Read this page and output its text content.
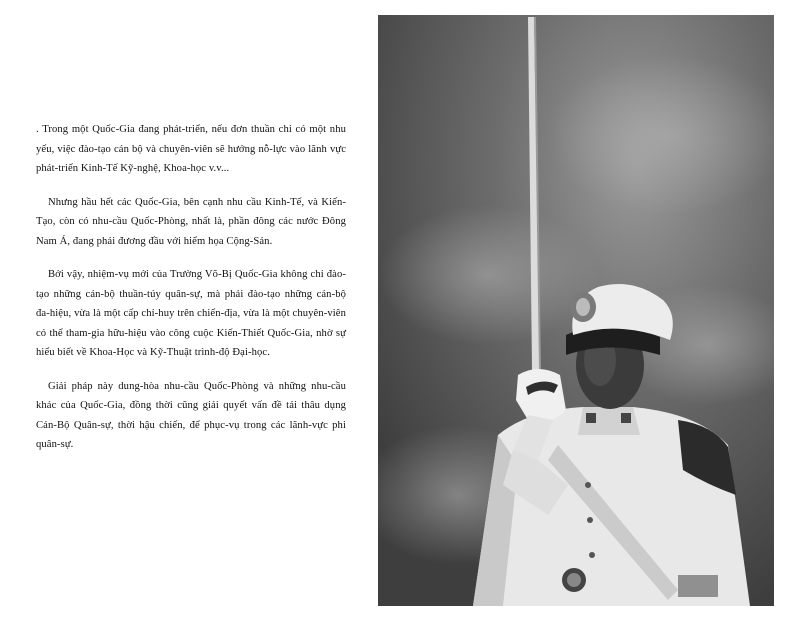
. Trong một Quốc-Gia đang phát-triển, nếu đơn thuần chỉ có một nhu yếu, việc đào-tạo cán bộ và chuyên-viên sẽ hướng nỗ-lực vào lãnh vực phát-triển Kinh-Tế Kỹ-nghệ, Khoa-học v.v...

Nhưng hầu hết các Quốc-Gia, bên cạnh nhu cầu Kinh-Tế, và Kiến-Tạo, còn có nhu-cầu Quốc-Phòng, nhất là, phần đông các nước Đông Nam Á, đang phải đương đầu với hiểm họa Cộng-Sản.

Bởi vậy, nhiệm-vụ mới của Trường Võ-Bị Quốc-Gia không chỉ đào-tạo những cán-bộ thuần-túy quân-sự, mà phải đào-tạo những cán-bộ đa-hiệu, vừa là một cấp chỉ-huy trên chiến-địa, vừa là một chuyên-viên có thể tham-gia hữu-hiệu vào công cuộc Kiến-Thiết Quốc-Gia, nhờ sự hiểu biết về Khoa-Học và Kỹ-Thuật trình-độ Đại-học.

Giải pháp này dung-hòa nhu-cầu Quốc-Phòng và những nhu-cầu khác của Quốc-Gia, đồng thời cũng giải quyết vấn đề tái thâu dụng Cán-Bộ Quân-sự, thời hậu chiến, để phục-vụ trong các lãnh-vực phi quân-sự.
